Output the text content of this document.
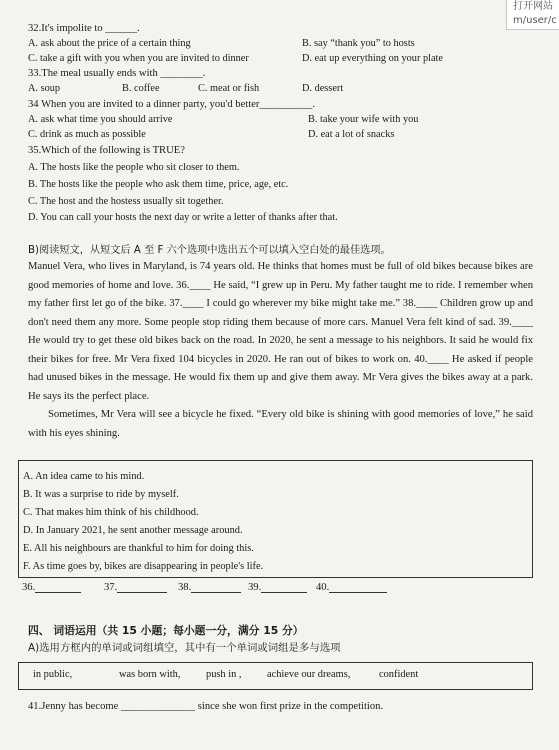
打开网站
m/user/c
32.It's impolite to ______.
A. ask about the price of a certain thing	B. say “thank you” to hosts
C. take a gift with you when you are invited to dinner	D. eat up everything on your plate
33.The meal usually ends with ________.
A. soup	B. coffee	C. meat or fish	D. dessert
34 When you are invited to a dinner party, you'd better__________.
A. ask what time you should arrive	B. take your wife with you
C. drink as much as possible	D. eat a lot of snacks
35.Which of the following is TRUE?
A. The hosts like the people who sit closer to them.
B. The hosts like the people who ask them time, price, age, etc.
C. The host and the hostess usually sit together.
D. You can call your hosts the next day or write a letter of thanks after that.
B)阅读短文，从短文后 A 至 F 六个选项中选出五个可以填入空白处的最佳选项。

Manuel Vera, who lives in Maryland, is 74 years old. He thinks that homes must be full of old bikes because bikes are good memories of home and love. 36.____ He said, “I grew up in Peru. My father taught me to ride. I remember when my father first let go of the bike. 37.____ I could go wherever my bike might take me.” 38.____ Children grow up and don't need them any more. Some people stop riding them because of more cars. Manuel Vera felt kind of sad. 39.____ He would try to get these old bikes back on the road. In 2020, he sent a message to his neighbors. It said he would fix their bikes for free. Mr Vera fixed 104 bicycles in 2020. He ran out of bikes to work on. 40.____ He asked if people had unused bikes in the message. He would fix them up and give them away. Mr Vera gives the bikes away at a park. He says its the perfect place.

Sometimes, Mr Vera will see a bicycle he fixed. “Every old bike is shining with good memories of love,” he said with his eyes shining.

A. An idea came to his mind.
B. It was a surprise to ride by myself.
C. That makes him think of his childhood.
D. In January 2021, he sent another message around.
E. All his neighbours are thankful to him for doing this.
F. As time goes by, bikes are disappearing in people's life.
36.	37.	38.	39.	40.
四、 词语运用（共 15 小题；每小题一分，满分 15 分）
A)选用方框内的单词或词组填空，其中有一个单词或词组是多与选项
in public,	was born with, push in , achieve our dreams,	confident
41.Jenny has become ______________ since she won first prize in the competition.
